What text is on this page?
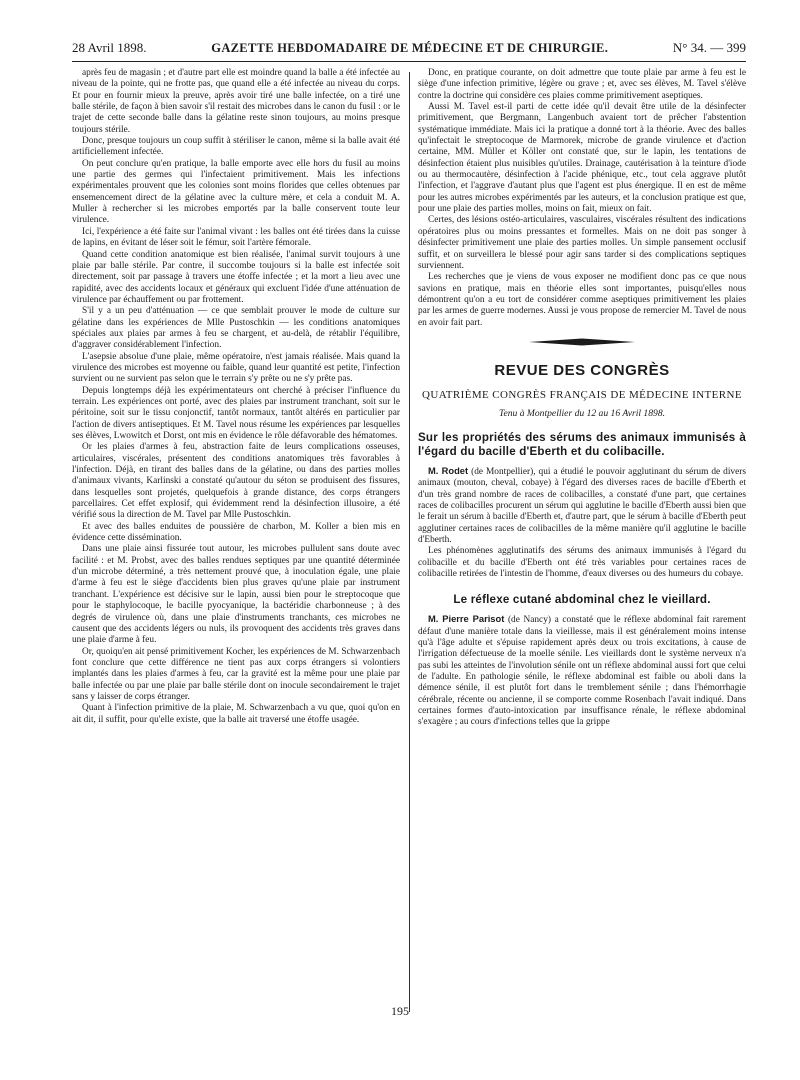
28 Avril 1898.	GAZETTE HEBDOMADAIRE DE MÉDECINE ET DE CHIRURGIE.	N° 34. — 399

après feu de magasin ; et d'autre part elle est moindre quand la balle a été infectée au niveau de la pointe, qui ne frotte pas, que quand elle a été infectée au niveau du corps. Et pour en fournir mieux la preuve, après avoir tiré une balle infectée, on a tiré une balle stérile, de façon à bien savoir s'il restait des microbes dans le canon du fusil : or le trajet de cette seconde balle dans la gélatine reste sinon toujours, au moins presque toujours stérile.

Donc, presque toujours un coup suffit à stériliser le canon, même si la balle avait été artificiellement infectée.

On peut conclure qu'en pratique, la balle emporte avec elle hors du fusil au moins une partie des germes qui l'infectaient primitivement. Mais les infections expérimentales prouvent que les colonies sont moins florides que celles obtenues par ensemencement direct de la gélatine avec la culture mère, et cela a conduit M. A. Muller à rechercher si les microbes emportés par la balle conservent toute leur virulence.

Ici, l'expérience a été faite sur l'animal vivant : les balles ont été tirées dans la cuisse de lapins, en évitant de léser soit le fémur, soit l'artère fémorale.

Quand cette condition anatomique est bien réalisée, l'animal survit toujours à une plaie par balle stérile. Par contre, il succombe toujours si la balle est infectée soit directement, soit par passage à travers une étoffe infectée ; et la mort a lieu avec une rapidité, avec des accidents locaux et généraux qui excluent l'idée d'une atténuation de virulence par échauffement ou par frottement.

S'il y a un peu d'atténuation — ce que semblait prouver le mode de culture sur gélatine dans les expériences de Mlle Pustoschkin — les conditions anatomiques spéciales aux plaies par armes à feu se chargent, et au-delà, de rétablir l'équilibre, d'aggraver considérablement l'infection.

L'asepsie absolue d'une plaie, même opératoire, n'est jamais réalisée. Mais quand la virulence des microbes est moyenne ou faible, quand leur quantité est petite, l'infection survient ou ne survient pas selon que le terrain s'y prête ou ne s'y prête pas.

Depuis longtemps déjà les expérimentateurs ont cherché à préciser l'influence du terrain. Les expériences ont porté, avec des plaies par instrument tranchant, soit sur le péritoine, soit sur le tissu conjonctif, tantôt normaux, tantôt altérés en particulier par l'action de divers antiseptiques. Et M. Tavel nous résume les expériences par lesquelles ses élèves, Lwowitch et Dorst, ont mis en évidence le rôle défavorable des hématomes.

Or les plaies d'armes à feu, abstraction faite de leurs complications osseuses, articulaires, viscérales, présentent des conditions anatomiques très favorables à l'infection. Déjà, en tirant des balles dans de la gélatine, ou dans des parties molles d'animaux vivants, Karlinski a constaté qu'autour du séton se produisent des fissures, dans lesquelles sont projetés, quelquefois à grande distance, des corps étrangers parcellaires. Cet effet explosif, qui évidemment rend la désinfection illusoire, a été vérifié sous la direction de M. Tavel par Mlle Pustoschkin.

Et avec des balles enduites de poussière de charbon, M. Koller a bien mis en évidence cette dissémination.

Dans une plaie ainsi fissurée tout autour, les microbes pullulent sans doute avec facilité : et M. Probst, avec des balles rendues septiques par une quantité déterminée d'un microbe déterminé, a très nettement prouvé que, à inoculation égale, une plaie d'arme à feu est le siège d'accidents bien plus graves qu'une plaie par instrument tranchant. L'expérience est décisive sur le lapin, aussi bien pour le streptocoque que pour le staphylocoque, le bacille pyocyanique, la bactéridie charbonneuse ; à des degrés de virulence où, dans une plaie d'instruments tranchants, ces microbes ne causent que des accidents légers ou nuls, ils provoquent des accidents très graves dans une plaie d'arme à feu.

Or, quoiqu'en ait pensé primitivement Kocher, les expériences de M. Schwarzenbach font conclure que cette différence ne tient pas aux corps étrangers si volontiers implantés dans les plaies d'armes à feu, car la gravité est la même pour une plaie par balle infectée ou par une plaie par balle stérile dont on inocule secondairement le trajet sans y laisser de corps étranger.

Quant à l'infection primitive de la plaie, M. Schwarzenbach a vu que, quoi qu'on en ait dit, il suffit, pour qu'elle existe, que la balle ait traversé une étoffe usagée.

Donc, en pratique courante, on doit admettre que toute plaie par arme à feu est le siège d'une infection primitive, légère ou grave ; et, avec ses élèves, M. Tavel s'élève contre la doctrine qui considère ces plaies comme primitivement aseptiques.

Aussi M. Tavel est-il parti de cette idée qu'il devait être utile de la désinfecter primitivement, que Bergmann, Langenbuch avaient tort de prêcher l'abstention systématique immédiate. Mais ici la pratique a donné tort à la théorie. Avec des balles qu'infectait le streptocoque de Marmorek, microbe de grande virulence et d'action certaine, MM. Müller et Köller ont constaté que, sur le lapin, les tentations de désinfection étaient plus nuisibles qu'utiles. Drainage, cautérisation à la teinture d'iode ou au thermocautère, désinfection à l'acide phénique, etc., tout cela aggrave plutôt l'infection, et l'aggrave d'autant plus que l'agent est plus énergique. Il en est de même pour les autres microbes expérimentés par les auteurs, et la conclusion pratique est que, pour une plaie des parties molles, moins on fait, mieux on fait.

Certes, des lésions ostéo-articulaires, vasculaires, viscérales résultent des indications opératoires plus ou moins pressantes et formelles. Mais on ne doit pas songer à désinfecter primitivement une plaie des parties molles. Un simple pansement occlusif suffit, et on surveillera le blessé pour agir sans tarder si des complications septiques surviennent.

Les recherches que je viens de vous exposer ne modifient donc pas ce que nous savions en pratique, mais en théorie elles sont importantes, puisqu'elles nous démontrent qu'on a eu tort de considérer comme aseptiques primitivement les plaies par les armes de guerre modernes. Aussi je vous propose de remercier M. Tavel de nous en avoir fait part.

REVUE DES CONGRÈS
QUATRIÈME CONGRÈS FRANÇAIS DE MÉDECINE INTERNE
Tenu à Montpellier du 12 au 16 Avril 1898.
Sur les propriétés des sérums des animaux immunisés à l'égard du bacille d'Eberth et du colibacille.

M. Rodet (de Montpellier), qui a étudié le pouvoir agglutinant du sérum de divers animaux (mouton, cheval, cobaye) à l'égard des diverses races de bacille d'Eberth et d'un très grand nombre de races de colibacilles, a constaté d'une part, que certaines races de colibacilles procurent un sérum qui agglutine le bacille d'Eberth aussi bien que le ferait un sérum à bacille d'Eberth et, d'autre part, que le sérum à bacille d'Eberth peut agglutiner certaines races de colibacilles de la même manière qu'il agglutine le bacille d'Eberth.

Les phénomènes agglutinatifs des sérums des animaux immunisés à l'égard du colibacille et du bacille d'Eberth ont été très variables pour certaines races de colibacille retirées de l'intestin de l'homme, d'eaux diverses ou des humeurs du cobaye.

Le réflexe cutané abdominal chez le vieillard.

M. Pierre Parisot (de Nancy) a constaté que le réflexe abdominal fait rarement défaut d'une manière totale dans la vieillesse, mais il est généralement moins intense qu'à l'âge adulte et s'épuise rapidement après deux ou trois excitations, à cause de l'irrigation défectueuse de la moelle sénile. Les vieillards dont le système nerveux n'a pas subi les atteintes de l'involution sénile ont un réflexe abdominal aussi fort que celui de l'adulte. En pathologie sénile, le réflexe abdominal est faible ou aboli dans la démence sénile, il est plutôt fort dans le tremblement sénile ; dans l'hémorrhagie cérébrale, récente ou ancienne, il se comporte comme Rosenbach l'avait indiqué. Dans certaines formes d'auto-intoxication par insuffisance rénale, le réflexe abdominal s'exagère ; au cours d'infections telles que la grippe

195
